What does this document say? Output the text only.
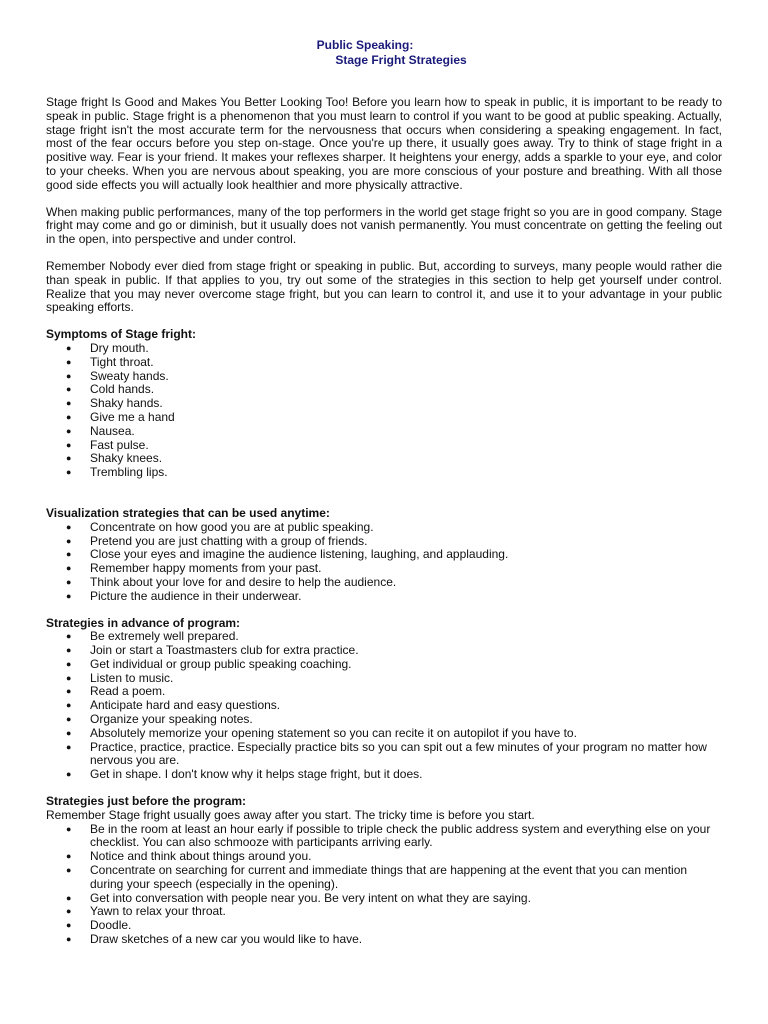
Public Speaking:
Stage Fright Strategies

Stage fright Is Good and Makes You Better Looking Too! Before you learn how to speak in public, it is important to be ready to speak in public. Stage fright is a phenomenon that you must learn to control if you want to be good at public speaking. Actually, stage fright isn't the most accurate term for the nervousness that occurs when considering a speaking engagement. In fact, most of the fear occurs before you step on-stage. Once you're up there, it usually goes away. Try to think of stage fright in a positive way. Fear is your friend. It makes your reflexes sharper. It heightens your energy, adds a sparkle to your eye, and color to your cheeks. When you are nervous about speaking, you are more conscious of your posture and breathing. With all those good side effects you will actually look healthier and more physically attractive.

When making public performances, many of the top performers in the world get stage fright so you are in good company. Stage fright may come and go or diminish, but it usually does not vanish permanently. You must concentrate on getting the feeling out in the open, into perspective and under control.

Remember Nobody ever died from stage fright or speaking in public. But, according to surveys, many people would rather die than speak in public. If that applies to you, try out some of the strategies in this section to help get yourself under control. Realize that you may never overcome stage fright, but you can learn to control it, and use it to your advantage in your public speaking efforts.

Symptoms of Stage fright:
● Dry mouth.
● Tight throat.
● Sweaty hands.
● Cold hands.
● Shaky hands.
● Give me a hand
● Nausea.
● Fast pulse.
● Shaky knees.
● Trembling lips.
Visualization strategies that can be used anytime:
● Concentrate on how good you are at public speaking.
● Pretend you are just chatting with a group of friends.
● Close your eyes and imagine the audience listening, laughing, and applauding.
● Remember happy moments from your past.
● Think about your love for and desire to help the audience.
● Picture the audience in their underwear.
Strategies in advance of program:
● Be extremely well prepared.
● Join or start a Toastmasters club for extra practice.
● Get individual or group public speaking coaching.
● Listen to music.
● Read a poem.
● Anticipate hard and easy questions.
● Organize your speaking notes.
● Absolutely memorize your opening statement so you can recite it on autopilot if you have to.
● Practice, practice, practice. Especially practice bits so you can spit out a few minutes of your program no matter how nervous you are.
● Get in shape. I don't know why it helps stage fright, but it does.
Strategies just before the program:

Remember Stage fright usually goes away after you start. The tricky time is before you start.

● Be in the room at least an hour early if possible to triple check the public address system and everything else on your checklist. You can also schmooze with participants arriving early.
● Notice and think about things around you.
● Concentrate on searching for current and immediate things that are happening at the event that you can mention during your speech (especially in the opening).
● Get into conversation with people near you. Be very intent on what they are saying.
● Yawn to relax your throat.
● Doodle.
● Draw sketches of a new car you would like to have.
